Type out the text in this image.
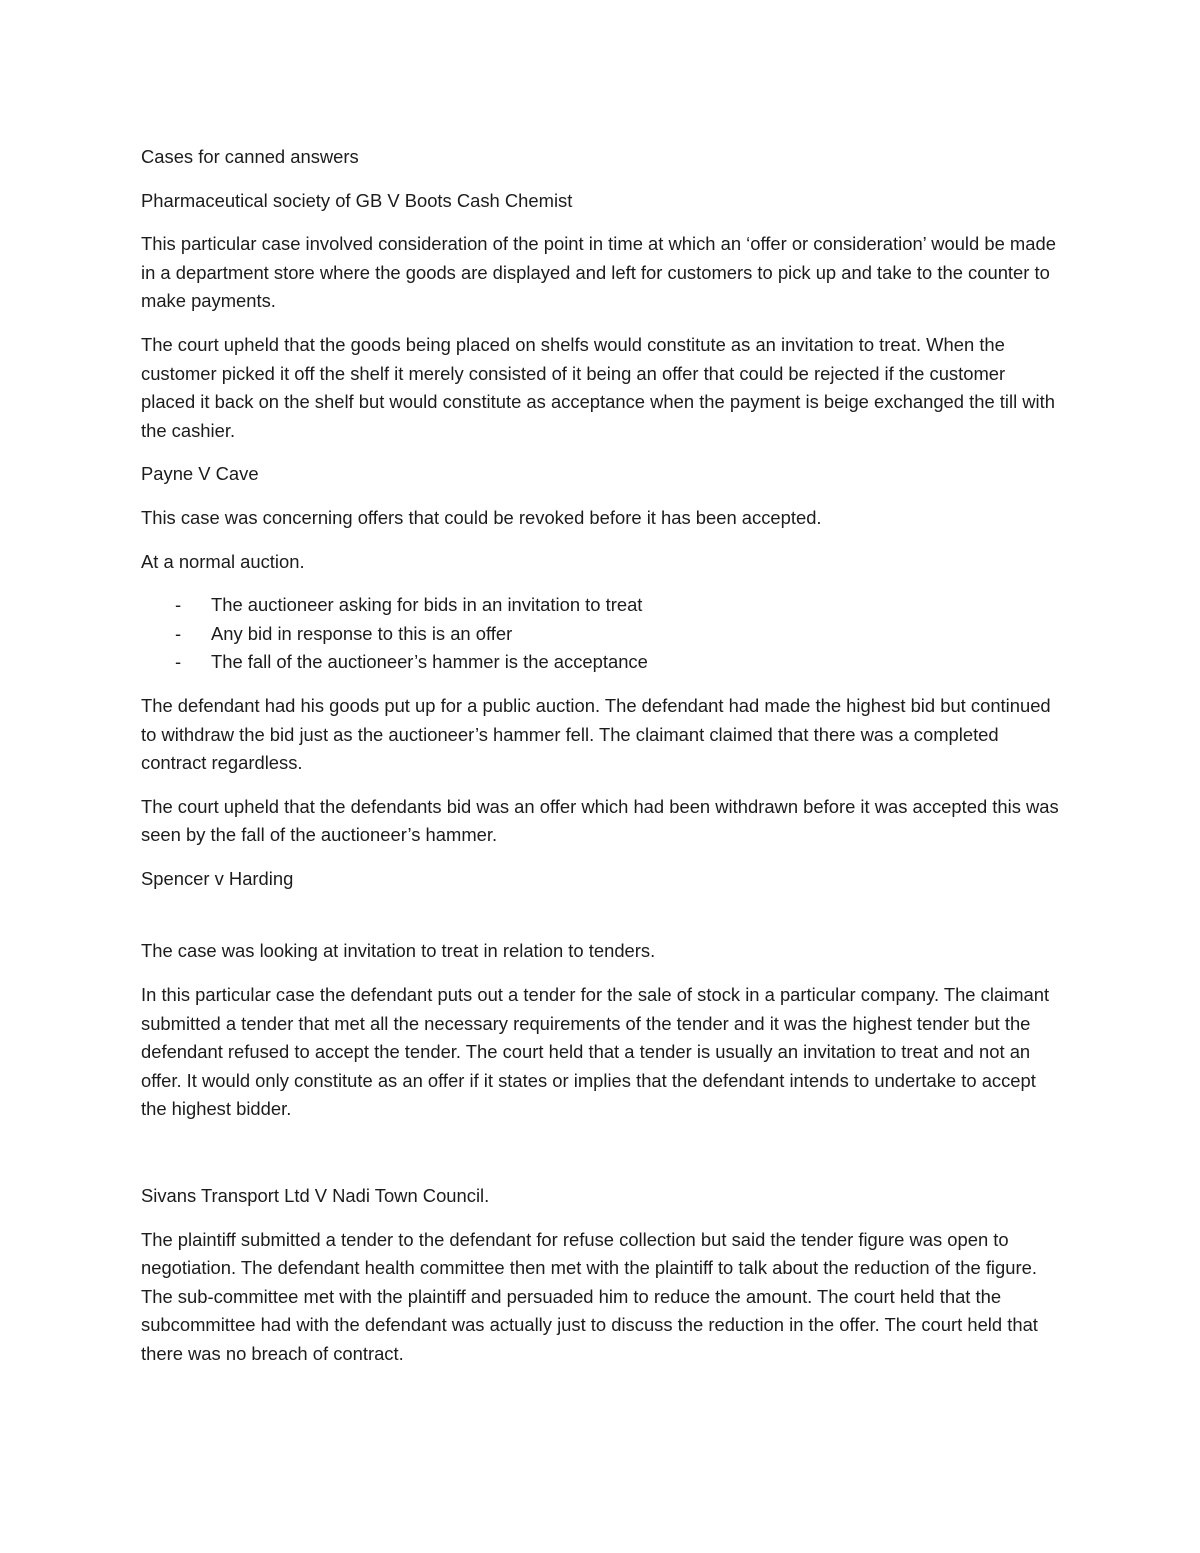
Cases for canned answers

Pharmaceutical society of GB V Boots Cash Chemist

This particular case involved consideration of the point in time at which an ‘offer or consideration’ would be made in a department store where the goods are displayed and left for customers to pick up and take to the counter to make payments.

The court upheld that the goods being placed on shelfs would constitute as an invitation to treat. When the customer picked it off the shelf it merely consisted of it being an offer that could be rejected if the customer placed it back on the shelf but would constitute as acceptance when the payment is beige exchanged the till with the cashier.

Payne V Cave

This case was concerning offers that could be revoked before it has been accepted.

At a normal auction.

- The auctioneer asking for bids in an invitation to treat
- Any bid in response to this is an offer
- The fall of the auctioneer’s hammer is the acceptance

The defendant had his goods put up for a public auction. The defendant had made the highest bid but continued to withdraw the bid just as the auctioneer’s hammer fell. The claimant claimed that there was a completed contract regardless.

The court upheld that the defendants bid was an offer which had been withdrawn before it was accepted this was seen by the fall of the auctioneer’s hammer.

Spencer v Harding

The case was looking at invitation to treat in relation to tenders.

In this particular case the defendant puts out a tender for the sale of stock in a particular company. The claimant submitted a tender that met all the necessary requirements of the tender and it was the highest tender but the defendant refused to accept the tender. The court held that a tender is usually an invitation to treat and not an offer. It would only constitute as an offer if it states or implies that the defendant intends to undertake to accept the highest bidder.

Sivans Transport Ltd V Nadi Town Council.

The plaintiff submitted a tender to the defendant for refuse collection but said the tender figure was open to negotiation. The defendant health committee then met with the plaintiff to talk about the reduction of the figure. The sub-committee met with the plaintiff and persuaded him to reduce the amount. The court held that the subcommittee had with the defendant was actually just to discuss the reduction in the offer. The court held that there was no breach of contract.
